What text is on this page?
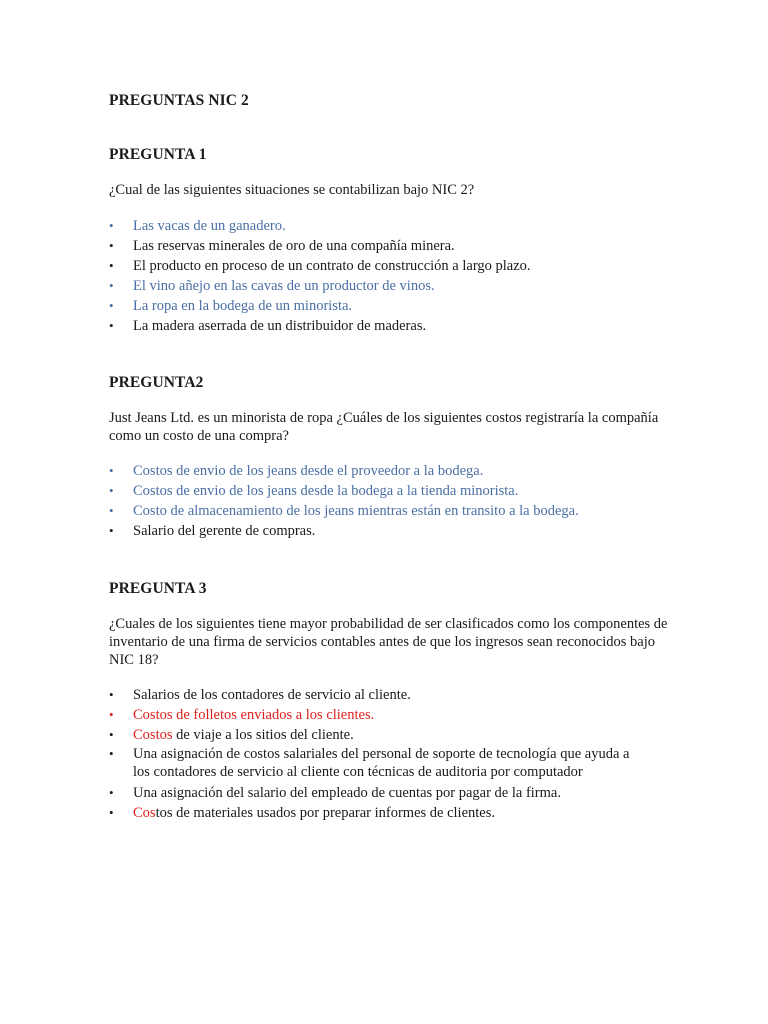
PREGUNTAS NIC 2
PREGUNTA 1

¿Cual de las siguientes situaciones se contabilizan bajo NIC 2?

• Las vacas de un ganadero.
• Las reservas minerales de oro de una compañía minera.
• El producto en proceso de un contrato de construcción a largo plazo.
• El vino añejo en las cavas de un productor de vinos.
• La ropa en la bodega de un minorista.
• La madera aserrada de un distribuidor de maderas.
PREGUNTA2

Just Jeans Ltd. es un minorista de ropa ¿Cuáles de los siguientes costos registraría la compañía como un costo de una compra?

• Costos de envio de los jeans desde el proveedor a la bodega.
• Costos de envio de los jeans desde la bodega a la tienda minorista.
• Costo de almacenamiento de los jeans mientras están en transito a la bodega.
• Salario del gerente de compras.
PREGUNTA 3

¿Cuales de los siguientes tiene mayor probabilidad de ser clasificados como los componentes de inventario de una firma de servicios contables antes de que los ingresos sean reconocidos bajo NIC 18?

• Salarios de los contadores de servicio al cliente.
• Costos de folletos enviados a los clientes.
• Costos de viaje a los sitios del cliente.
• Una asignación de costos salariales del personal de soporte de tecnología que ayuda a los contadores de servicio al cliente con técnicas de auditoria por computador
• Una asignación del salario del empleado de cuentas por pagar de la firma.
• Costos de materiales usados por preparar informes de clientes.
